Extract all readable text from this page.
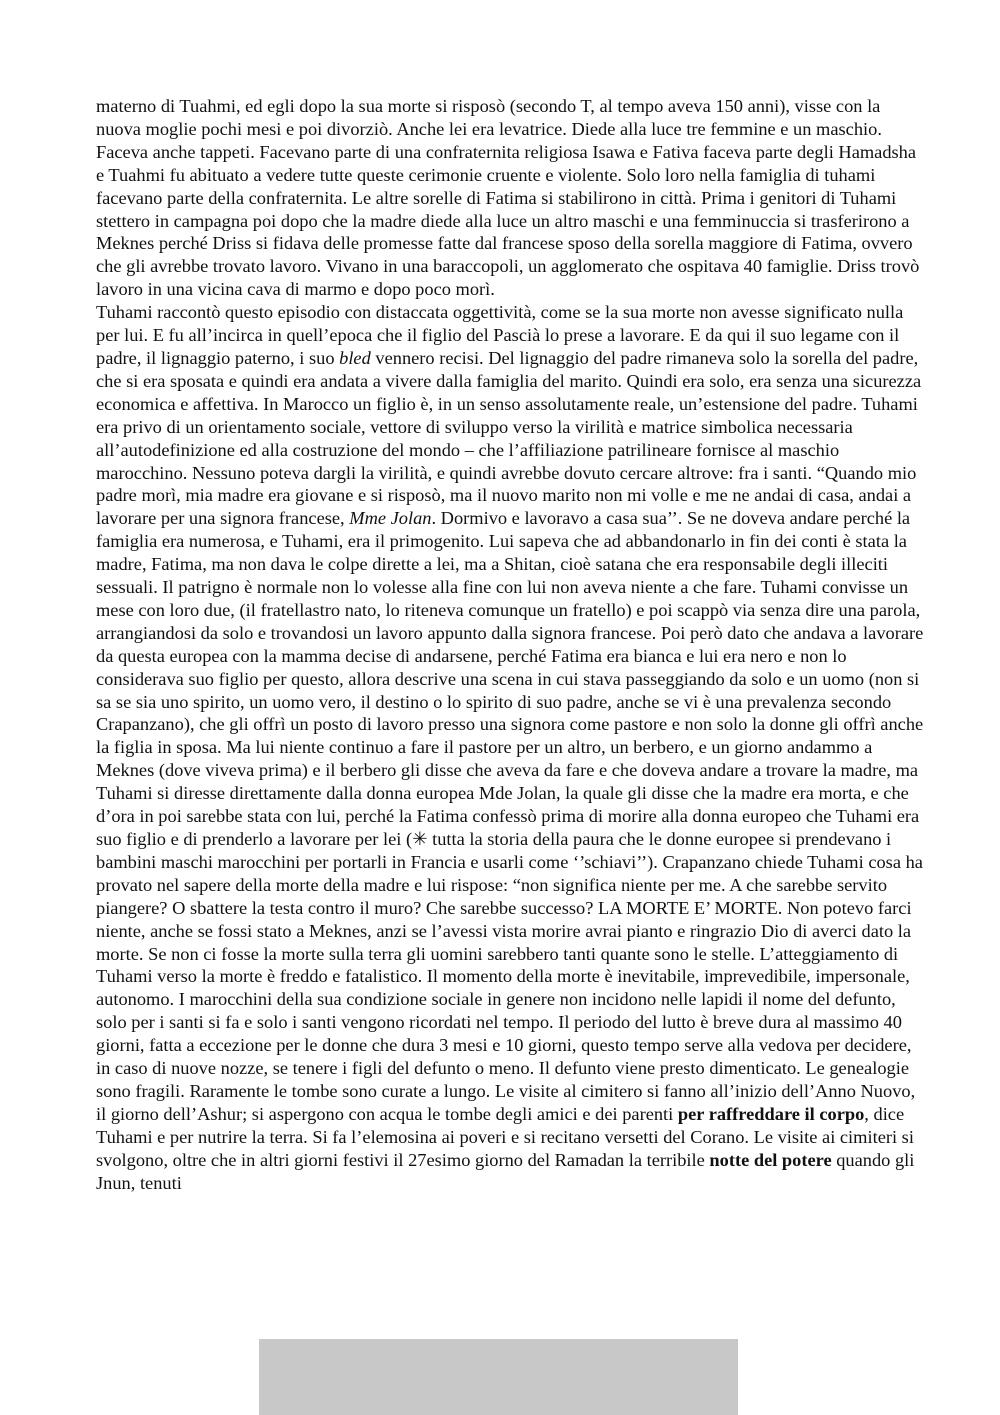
materno di Tuahmi, ed egli dopo la sua morte si risposò (secondo T, al tempo aveva 150 anni), visse con la nuova moglie pochi mesi e poi divorziò. Anche lei era levatrice. Diede alla luce tre femmine e un maschio. Faceva anche tappeti. Facevano parte di una confraternita religiosa Isawa e Fativa faceva parte degli Hamadsha e Tuahmi fu abituato a vedere tutte queste cerimonie cruente e violente. Solo loro nella famiglia di tuhami facevano parte della confraternita. Le altre sorelle di Fatima si stabilirono in città. Prima i genitori di Tuhami stettero in campagna poi dopo che la madre diede alla luce un altro maschi e una femminuccia si trasferirono a Meknes perché Driss si fidava delle promesse fatte dal francese sposo della sorella maggiore di Fatima, ovvero che gli avrebbe trovato lavoro. Vivano in una baraccopoli, un agglomerato che ospitava 40 famiglie. Driss trovò lavoro in una vicina cava di marmo e dopo poco morì.

Tuhami raccontò questo episodio con distaccata oggettività, come se la sua morte non avesse significato nulla per lui. E fu all’incirca in quell’epoca che il figlio del Pascià lo prese a lavorare. E da qui il suo legame con il padre, il lignaggio paterno, i suo bled vennero recisi. Del lignaggio del padre rimaneva solo la sorella del padre, che si era sposata e quindi era andata a vivere dalla famiglia del marito. Quindi era solo, era senza una sicurezza economica e affettiva. In Marocco un figlio è, in un senso assolutamente reale, un’estensione del padre. Tuhami era privo di un orientamento sociale, vettore di sviluppo verso la virilità e matrice simbolica necessaria all’autodefinizione ed alla costruzione del mondo – che l’affiliazione patrilineare fornisce al maschio marocchino. Nessuno poteva dargli la virilità, e quindi avrebbe dovuto cercare altrove: fra i santi. “Quando mio padre morì, mia madre era giovane e si risposò, ma il nuovo marito non mi volle e me ne andai di casa, andai a lavorare per una signora francese, Mme Jolan. Dormivo e lavoravo a casa sua’’. Se ne doveva andare perché la famiglia era numerosa, e Tuhami, era il primogenito. Lui sapeva che ad abbandonarlo in fin dei conti è stata la madre, Fatima, ma non dava le colpe dirette a lei, ma a Shitan, cioè satana che era responsabile degli illeciti sessuali. Il patrigno è normale non lo volesse alla fine con lui non aveva niente a che fare. Tuhami convisse un mese con loro due, (il fratellastro nato, lo riteneva comunque un fratello) e poi scappò via senza dire una parola, arrangiandosi da solo e trovandosi un lavoro appunto dalla signora francese. Poi però dato che andava a lavorare da questa europea con la mamma decise di andarsene, perché Fatima era bianca e lui era nero e non lo considerava suo figlio per questo, allora descrive una scena in cui stava passeggiando da solo e un uomo (non si sa se sia uno spirito, un uomo vero, il destino o lo spirito di suo padre, anche se vi è una prevalenza secondo Crapanzano), che gli offrì un posto di lavoro presso una signora come pastore e non solo la donne gli offrì anche la figlia in sposa. Ma lui niente continuo a fare il pastore per un altro, un berbero, e un giorno andammo a Meknes (dove viveva prima) e il berbero gli disse che aveva da fare e che doveva andare a trovare la madre, ma Tuhami si diresse direttamente dalla donna europea Mde Jolan, la quale gli disse che la madre era morta, e che d’ora in poi sarebbe stata con lui, perché la Fatima confessò prima di morire alla donna europeo che Tuhami era suo figlio e di prenderlo a lavorare per lei (✳ tutta la storia della paura che le donne europee si prendevano i bambini maschi marocchini per portarli in Francia e usarli come ‘’schiavi’’). Crapanzano chiede Tuhami cosa ha provato nel sapere della morte della madre e lui rispose: “non significa niente per me. A che sarebbe servito piangere? O sbattere la testa contro il muro? Che sarebbe successo? LA MORTE E’ MORTE. Non potevo farci niente, anche se fossi stato a Meknes, anzi se l’avessi vista morire avrai pianto e ringrazio Dio di averci dato la morte. Se non ci fosse la morte sulla terra gli uomini sarebbero tanti quante sono le stelle. L’atteggiamento di Tuhami verso la morte è freddo e fatalistico. Il momento della morte è inevitabile, imprevedibile, impersonale, autonomo. I marocchini della sua condizione sociale in genere non incidono nelle lapidi il nome del defunto, solo per i santi si fa e solo i santi vengono ricordati nel tempo. Il periodo del lutto è breve dura al massimo 40 giorni, fatta a eccezione per le donne che dura 3 mesi e 10 giorni, questo tempo serve alla vedova per decidere, in caso di nuove nozze, se tenere i figli del defunto o meno. Il defunto viene presto dimenticato. Le genealogie sono fragili. Raramente le tombe sono curate a lungo. Le visite al cimitero si fanno all’inizio dell’Anno Nuovo, il giorno dell’Ashur; si aspergono con acqua le tombe degli amici e dei parenti per raffreddare il corpo, dice Tuhami e per nutrire la terra. Si fa l’elemosina ai poveri e si recitano versetti del Corano. Le visite ai cimiteri si svolgono, oltre che in altri giorni festivi il 27esimo giorno del Ramadan la terribile notte del potere quando gli Jnun, tenuti
